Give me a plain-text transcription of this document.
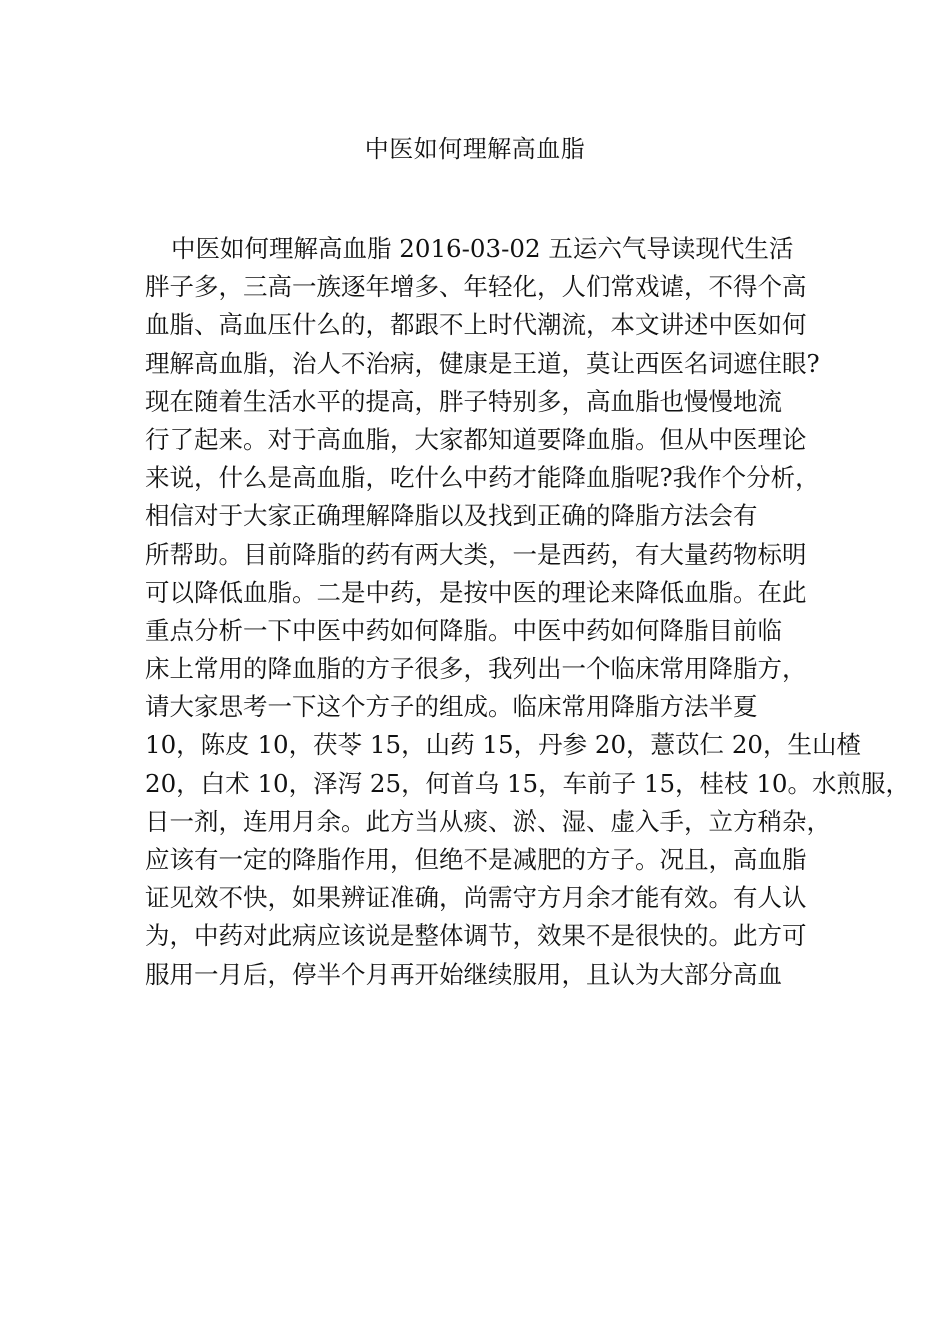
中医如何理解高血脂
中医如何理解高血脂 2016-03-02 五运六气导读现代生活
胖子多，三高一族逐年增多、年轻化，人们常戏谑，不得个高
血脂、高血压什么的，都跟不上时代潮流，本文讲述中医如何
理解高血脂，治人不治病，健康是王道，莫让西医名词遮住眼?
现在随着生活水平的提高，胖子特别多，高血脂也慢慢地流
行了起来。对于高血脂，大家都知道要降血脂。但从中医理论
来说，什么是高血脂，吃什么中药才能降血脂呢?我作个分析，
相信对于大家正确理解降脂以及找到正确的降脂方法会有
所帮助。目前降脂的药有两大类，一是西药，有大量药物标明
可以降低血脂。二是中药，是按中医的理论来降低血脂。在此
重点分析一下中医中药如何降脂。中医中药如何降脂目前临
床上常用的降血脂的方子很多，我列出一个临床常用降脂方，
请大家思考一下这个方子的组成。临床常用降脂方法半夏
10，陈皮 10，茯苓 15，山药 15，丹参 20，薏苡仁 20，生山楂
20，白术 10，泽泻 25，何首乌 15，车前子 15，桂枝 10。水煎服，
日一剂，连用月余。此方当从痰、淤、湿、虚入手，立方稍杂，
应该有一定的降脂作用，但绝不是减肥的方子。况且，高血脂
证见效不快，如果辨证准确，尚需守方月余才能有效。有人认
为，中药对此病应该说是整体调节，效果不是很快的。此方可
服用一月后，停半个月再开始继续服用，且认为大部分高血
